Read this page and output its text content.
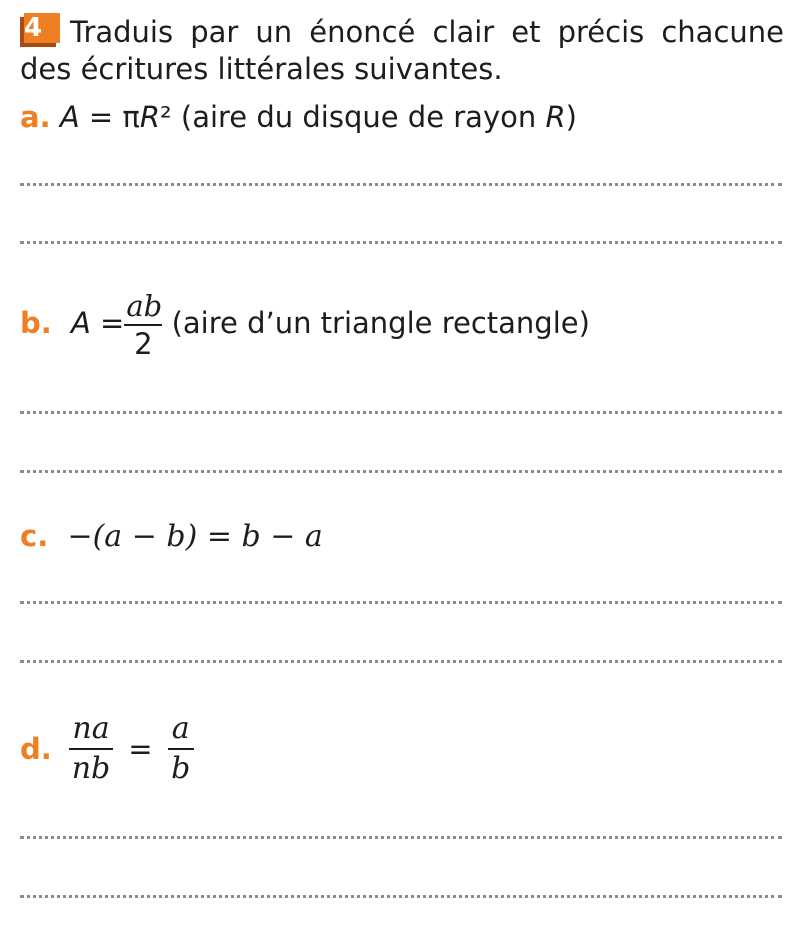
4 Traduis par un énoncé clair et précis chacune des écritures littérales suivantes.
a. A = πR² (aire du disque de rayon R)
b. $A = \frac{ab}{2}$ (aire d’un triangle rectangle)
c. −(a − b) = b − a
d. $\frac{na}{nb} = \frac{a}{b}$
